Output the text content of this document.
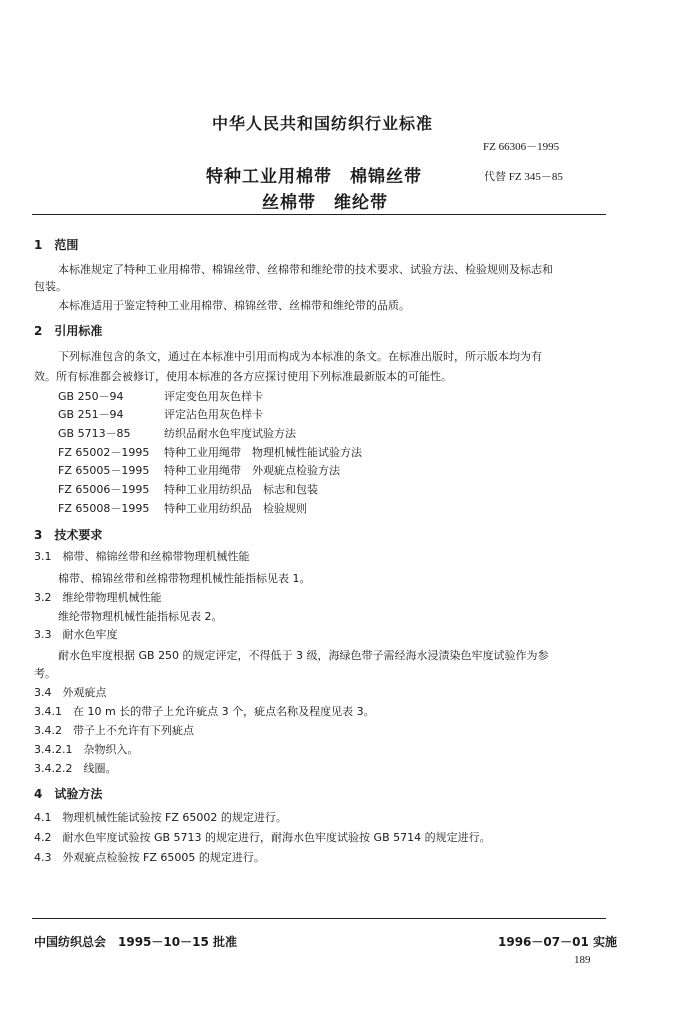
中华人民共和国纺织行业标准
FZ 66306－1995
特种工业用棉带　棉锦丝带	代替 FZ 345－85
丝棉带　维纶带
1　范围
本标准规定了特种工业用棉带、棉锦丝带、丝棉带和维纶带的技术要求、试验方法、检验规则及标志和
包装。
本标准适用于鉴定特种工业用棉带、棉锦丝带、丝棉带和维纶带的品质。
2　引用标准
下列标准包含的条文，通过在本标准中引用而构成为本标准的条文。在标准出版时，所示版本均为有
效。所有标准都会被修订，使用本标准的各方应探讨使用下列标准最新版本的可能性。
GB 250－94	评定变色用灰色样卡
GB 251－94	评定沾色用灰色样卡
GB 5713－85	纺织品耐水色牢度试验方法
FZ 65002－1995 特种工业用绳带　物理机械性能试验方法
FZ 65005－1995 特种工业用绳带　外观疵点检验方法
FZ 65006－1995 特种工业用纺织品　标志和包装
FZ 65008－1995 特种工业用纺织品　检验规则
3　技术要求
3.1　棉带、棉锦丝带和丝棉带物理机械性能
棉带、棉锦丝带和丝棉带物理机械性能指标见表 1。
3.2　维纶带物理机械性能
维纶带物理机械性能指标见表 2。
3.3　耐水色牢度
耐水色牢度根据 GB 250 的规定评定，不得低于 3 级，海绿色带子需经海水浸渍染色牢度试验作为参
考。
3.4　外观疵点
3.4.1　在 10 m 长的带子上允许疵点 3 个，疵点名称及程度见表 3。
3.4.2　带子上不允许有下列疵点
3.4.2.1　杂物织入。
3.4.2.2　线圈。
4　试验方法
4.1　物理机械性能试验按 FZ 65002 的规定进行。
4.2　耐水色牢度试验按 GB 5713 的规定进行，耐海水色牢度试验按 GB 5714 的规定进行。
4.3　外观疵点检验按 FZ 65005 的规定进行。
中国纺织总会　1995－10－15 批准	1996－07－01 实施
189
